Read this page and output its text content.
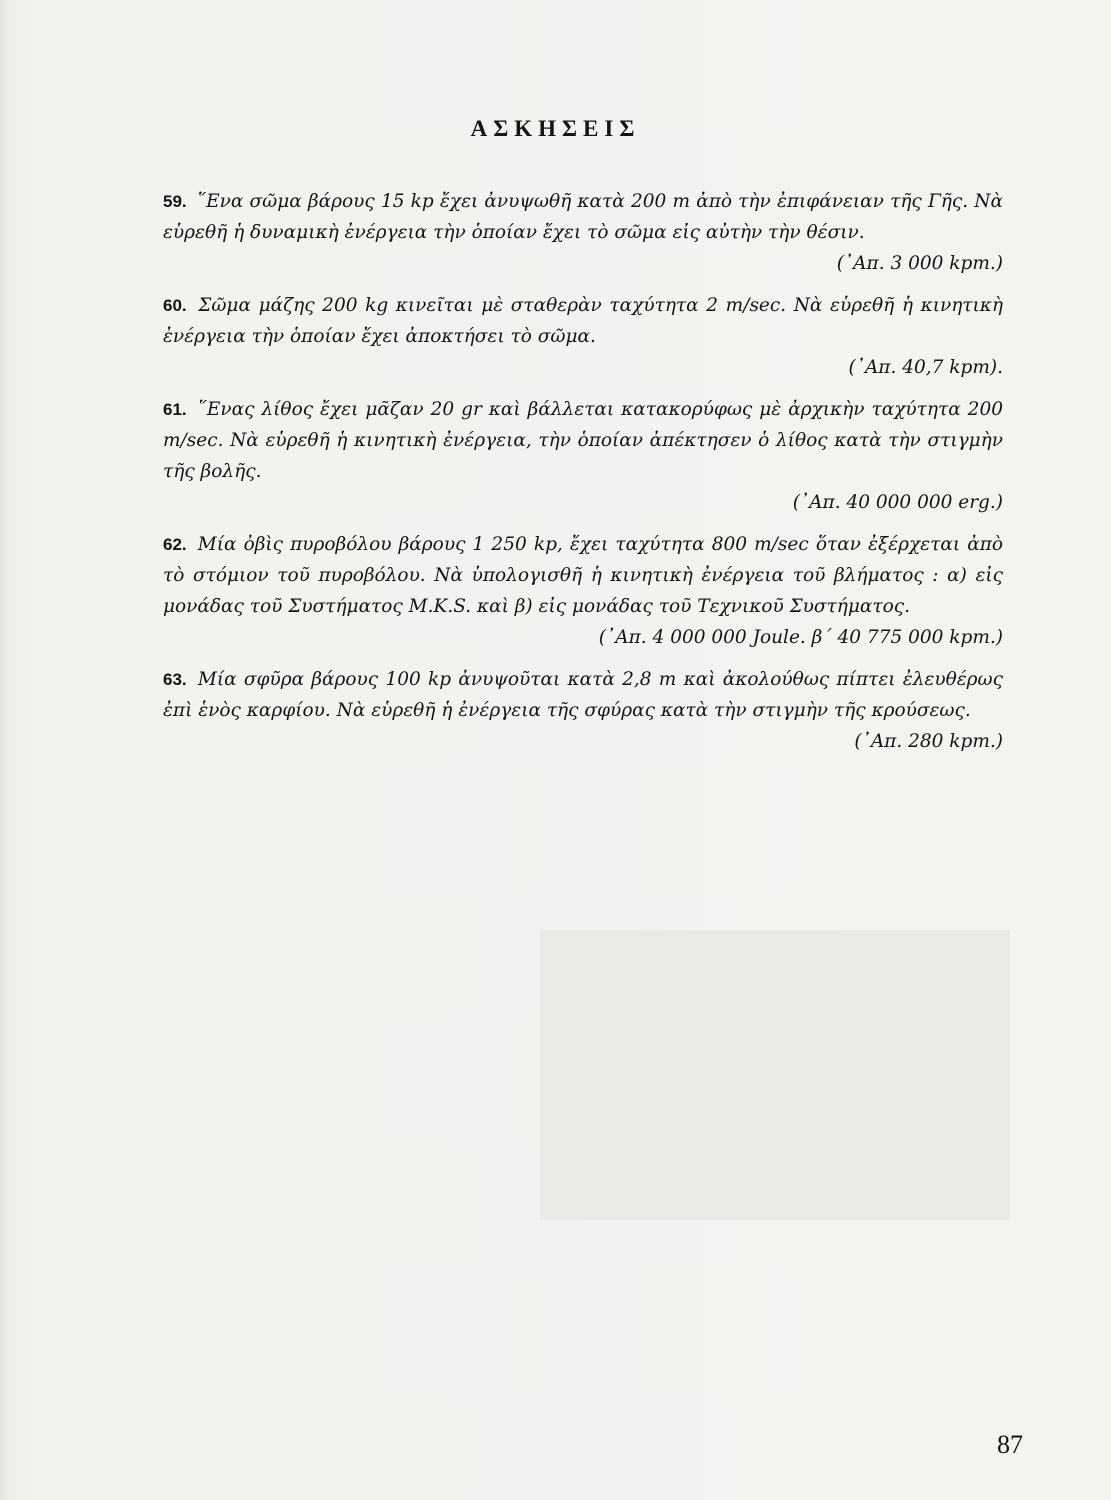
ΑΣΚΗΣΕΙΣ
59. ῞Ενα σῶμα βάρους 15 kp ἔχει ἀνυψωθῆ κατὰ 200 m ἀπὸ τὴν ἐπιφάνειαν τῆς Γῆς. Νὰ εὑρεθῆ ἡ δυναμικὴ ἐνέργεια τὴν ὁποίαν ἔχει τὸ σῶμα εἰς αὐτὴν τὴν θέσιν.
(᾿Απ. 3 000 kpm.)
60. Σῶμα μάζης 200 kg κινεῖται μὲ σταθερὰν ταχύτητα 2 m/sec. Νὰ εὑρεθῆ ἡ κινητικὴ ἐνέργεια τὴν ὁποίαν ἔχει ἀποκτήσει τὸ σῶμα.
(᾿Απ. 40,7 kpm).
61. ῞Ενας λίθος ἔχει μᾶζαν 20 gr καὶ βάλλεται κατακορύφως μὲ ἀρχικὴν ταχύτητα 200 m/sec. Νὰ εὑρεθῆ ἡ κινητικὴ ἐνέργεια, τὴν ὁποίαν ἀπέκτησεν ὁ λίθος κατὰ τὴν στιγμὴν τῆς βολῆς.
(᾿Απ. 40 000 000 erg.)
62. Μία ὀβὶς πυροβόλου βάρους 1 250 kp, ἔχει ταχύτητα 800 m/sec ὅταν ἐξέρχεται ἀπὸ τὸ στόμιον τοῦ πυροβόλου. Νὰ ὑπολογισθῆ ἡ κινητικὴ ἐνέργεια τοῦ βλήματος : α) εἰς μονάδας τοῦ Συστήματος M.K.S. καὶ β) εἰς μονάδας τοῦ Τεχνικοῦ Συστήματος.
(᾿Απ. 4 000 000 Joule. β΄ 40 775 000 kpm.)
63. Μία σφῦρα βάρους 100 kp ἀνυψοῦται κατὰ 2,8 m καὶ ἀκολούθως πίπτει ἐλευθέρως ἐπὶ ἑνὸς καρφίου. Νὰ εὑρεθῆ ἡ ἐνέργεια τῆς σφύρας κατὰ τὴν στιγμὴν τῆς κρούσεως.
(᾿Απ. 280 kpm.)
87
